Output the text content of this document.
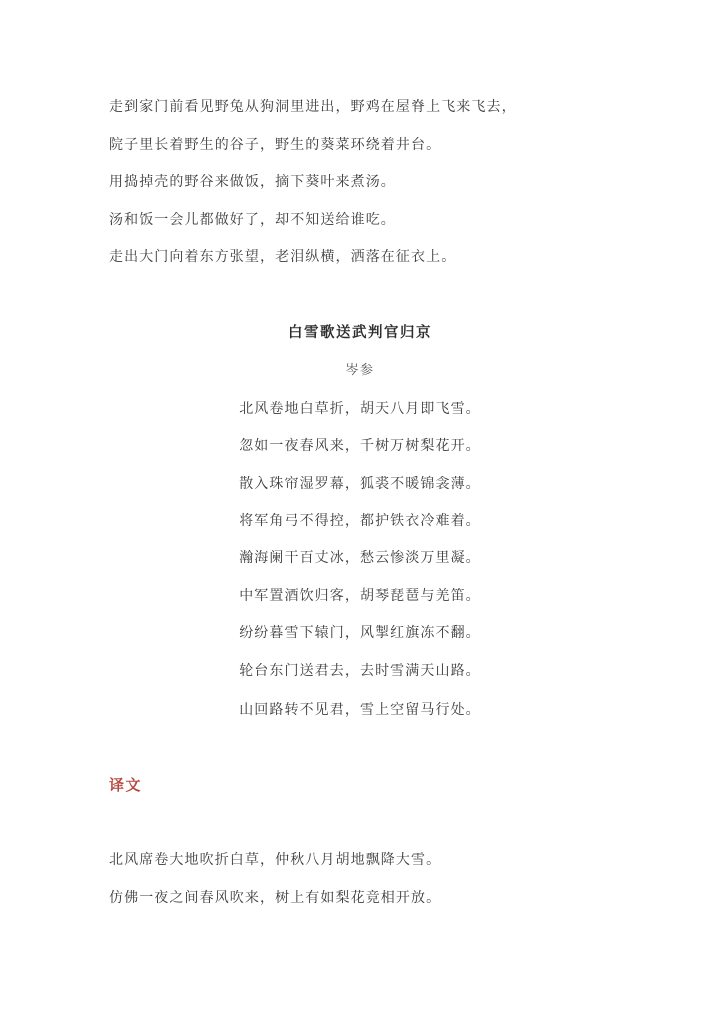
走到家门前看见野兔从狗洞里进出，野鸡在屋脊上飞来飞去，
院子里长着野生的谷子，野生的葵菜环绕着井台。
用捣掉壳的野谷来做饭，摘下葵叶来煮汤。
汤和饭一会儿都做好了，却不知送给谁吃。
走出大门向着东方张望，老泪纵横，洒落在征衣上。
白雪歌送武判官归京
岑参
北风卷地白草折，胡天八月即飞雪。
忽如一夜春风来，千树万树梨花开。
散入珠帘湿罗幕，狐裘不暖锦衾薄。
将军角弓不得控，都护铁衣冷难着。
瀚海阑干百丈冰，愁云惨淡万里凝。
中军置酒饮归客，胡琴琵琶与羌笛。
纷纷暮雪下辕门，风掣红旗冻不翻。
轮台东门送君去，去时雪满天山路。
山回路转不见君，雪上空留马行处。
译文
北风席卷大地吹折白草，仲秋八月胡地飘降大雪。
仿佛一夜之间春风吹来，树上有如梨花竞相开放。
